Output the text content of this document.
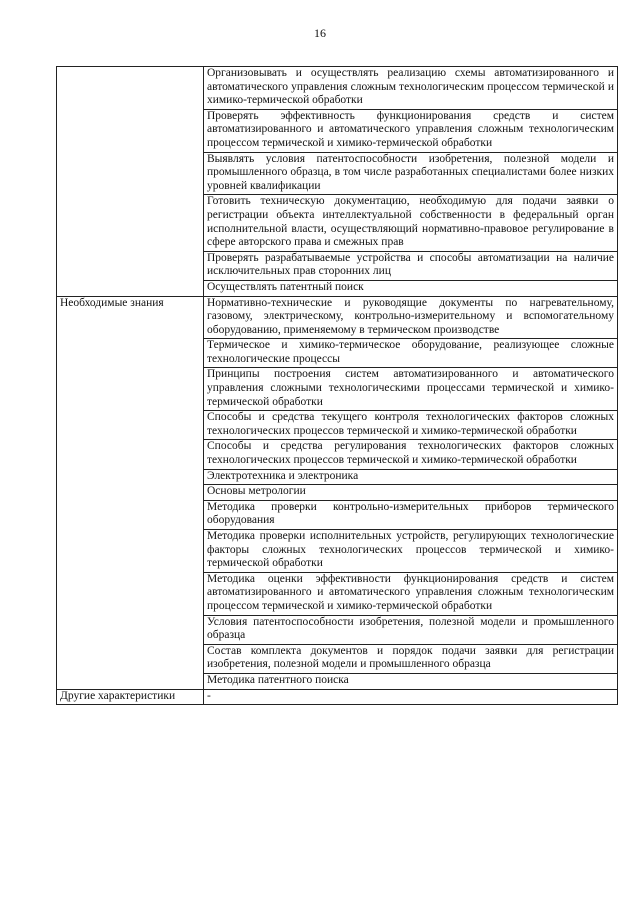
16
	Организовывать и осуществлять реализацию схемы автоматизированного и автоматического управления сложным технологическим процессом термической и химико-термической обработки
	Проверять эффективность функционирования средств и систем автоматизированного и автоматического управления сложным технологическим процессом термической и химико-термической обработки
	Выявлять условия патентоспособности изобретения, полезной модели и промышленного образца, в том числе разработанных специалистами более низких уровней квалификации
	Готовить техническую документацию, необходимую для подачи заявки о регистрации объекта интеллектуальной собственности в федеральный орган исполнительной власти, осуществляющий нормативно-правовое регулирование в сфере авторского права и смежных прав
	Проверять разрабатываемые устройства и способы автоматизации на наличие исключительных прав сторонних лиц
	Осуществлять патентный поиск
Необходимые знания	Нормативно-технические и руководящие документы по нагревательному, газовому, электрическому, контрольно-измерительному и вспомогательному оборудованию, применяемому в термическом производстве
	Термическое и химико-термическое оборудование, реализующее сложные технологические процессы
	Принципы построения систем автоматизированного и автоматического управления сложными технологическими процессами термической и химико-термической обработки
	Способы и средства текущего контроля технологических факторов сложных технологических процессов термической и химико-термической обработки
	Способы и средства регулирования технологических факторов сложных технологических процессов термической и химико-термической обработки
	Электротехника и электроника
	Основы метрологии
	Методика проверки контрольно-измерительных приборов термического оборудования
	Методика проверки исполнительных устройств, регулирующих технологические факторы сложных технологических процессов термической и химико-термической обработки
	Методика оценки эффективности функционирования средств и систем автоматизированного и автоматического управления сложным технологическим процессом термической и химико-термической обработки
	Условия патентоспособности изобретения, полезной модели и промышленного образца
	Состав комплекта документов и порядок подачи заявки для регистрации изобретения, полезной модели и промышленного образца
	Методика патентного поиска
Другие характеристики	-
